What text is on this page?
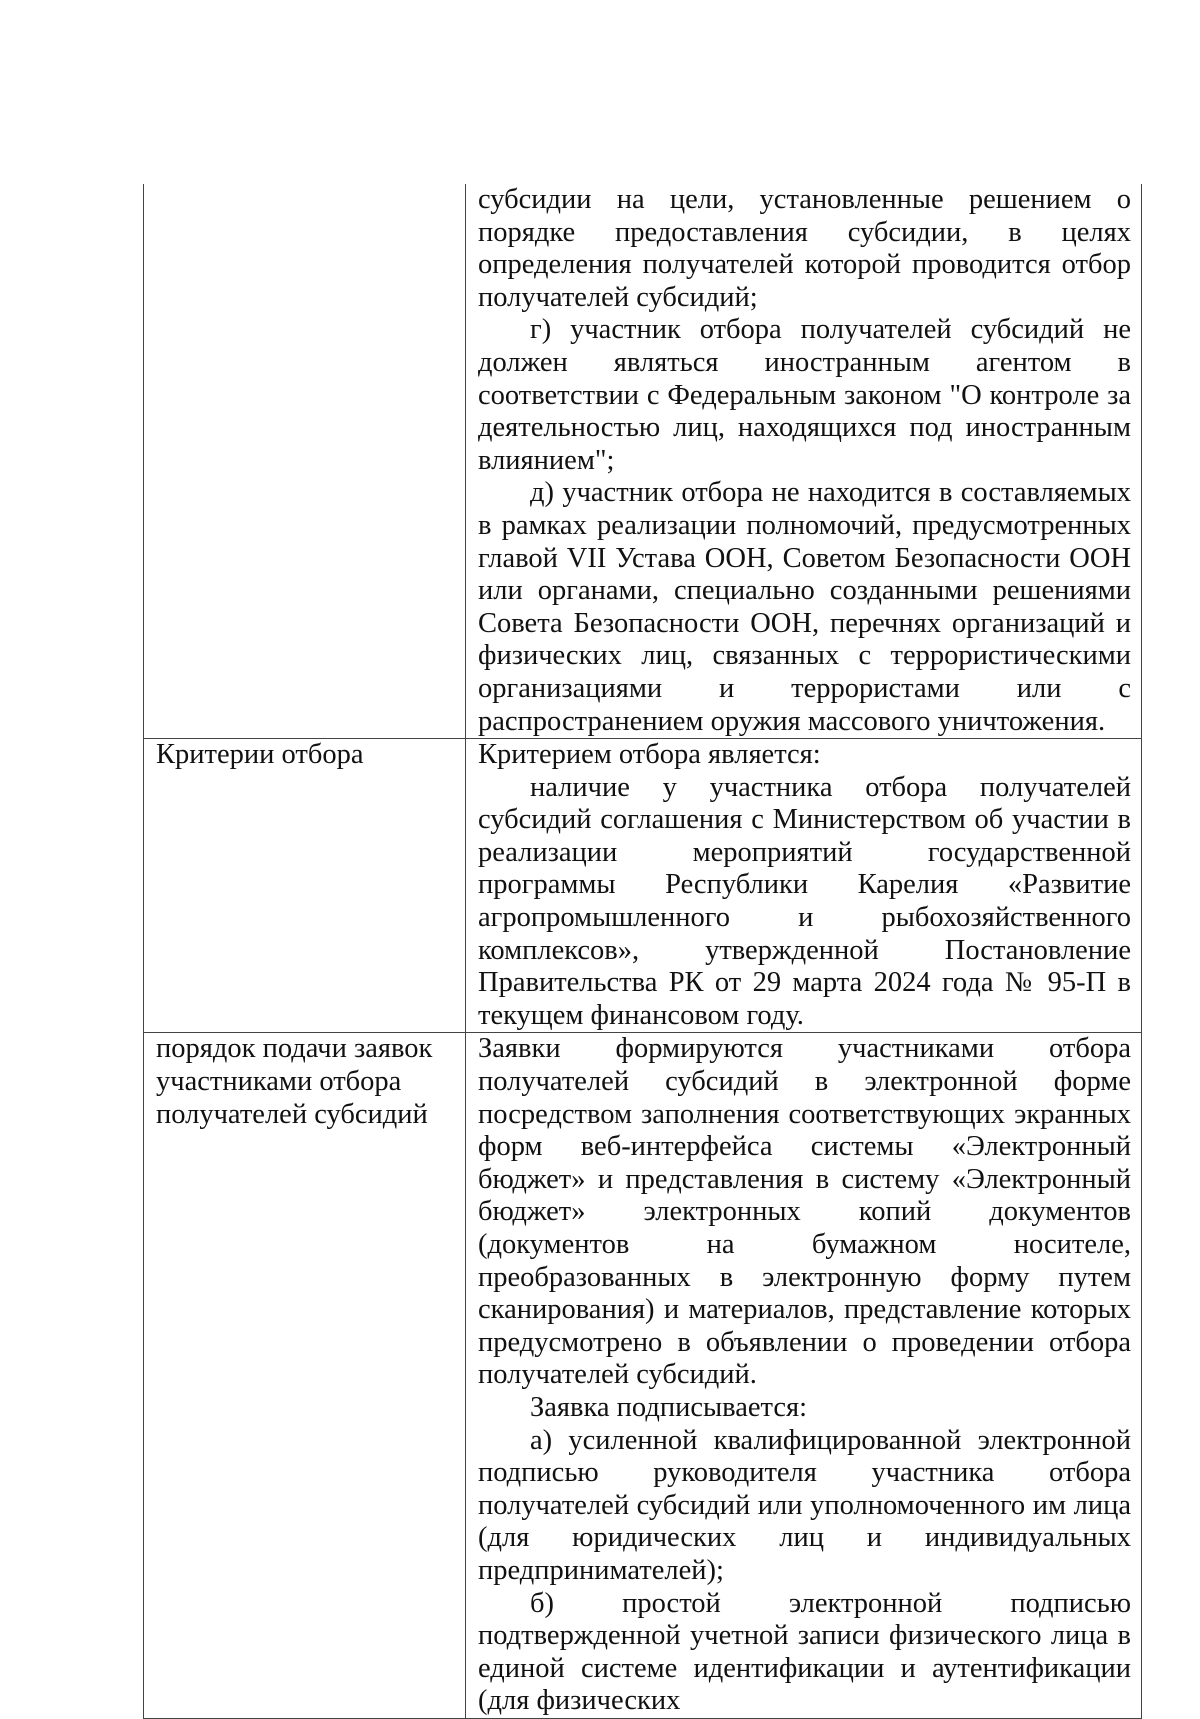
	субсидии на цели, установленные решением о порядке предоставления субсидии, в целях определения получателей которой проводится отбор получателей субсидий;

г) участник отбора получателей субсидий не должен являться иностранным агентом в соответствии с Федеральным законом "О контроле за деятельностью лиц, находящихся под иностранным влиянием";

д) участник отбора не находится в составляемых в рамках реализации полномочий, предусмотренных главой VII Устава ООН, Советом Безопасности ООН или органами, специально созданными решениями Совета Безопасности ООН, перечнях организаций и физических лиц, связанных с террористическими организациями и террористами или с распространением оружия массового уничтожения.

Критерии отбора	Критерием отбора является:

наличие у участника отбора получателей субсидий соглашения с Министерством об участии в реализации мероприятий государственной программы Республики Карелия «Развитие агропромышленного и рыбохозяйственного комплексов», утвержденной Постановление Правительства РК от 29 марта 2024 года № 95-П в текущем финансовом году.

порядок подачи заявок участниками отбора получателей субсидий	Заявки формируются участниками отбора получателей субсидий в электронной форме посредством заполнения соответствующих экранных форм веб-интерфейса системы «Электронный бюджет» и представления в систему «Электронный бюджет» электронных копий документов (документов на бумажном носителе, преобразованных в электронную форму путем сканирования) и материалов, представление которых предусмотрено в объявлении о проведении отбора получателей субсидий.

Заявка подписывается:

а) усиленной квалифицированной электронной подписью руководителя участника отбора получателей субсидий или уполномоченного им лица (для юридических лиц и индивидуальных предпринимателей);

б) простой электронной подписью подтвержденной учетной записи физического лица в единой системе идентификации и аутентификации (для физических
